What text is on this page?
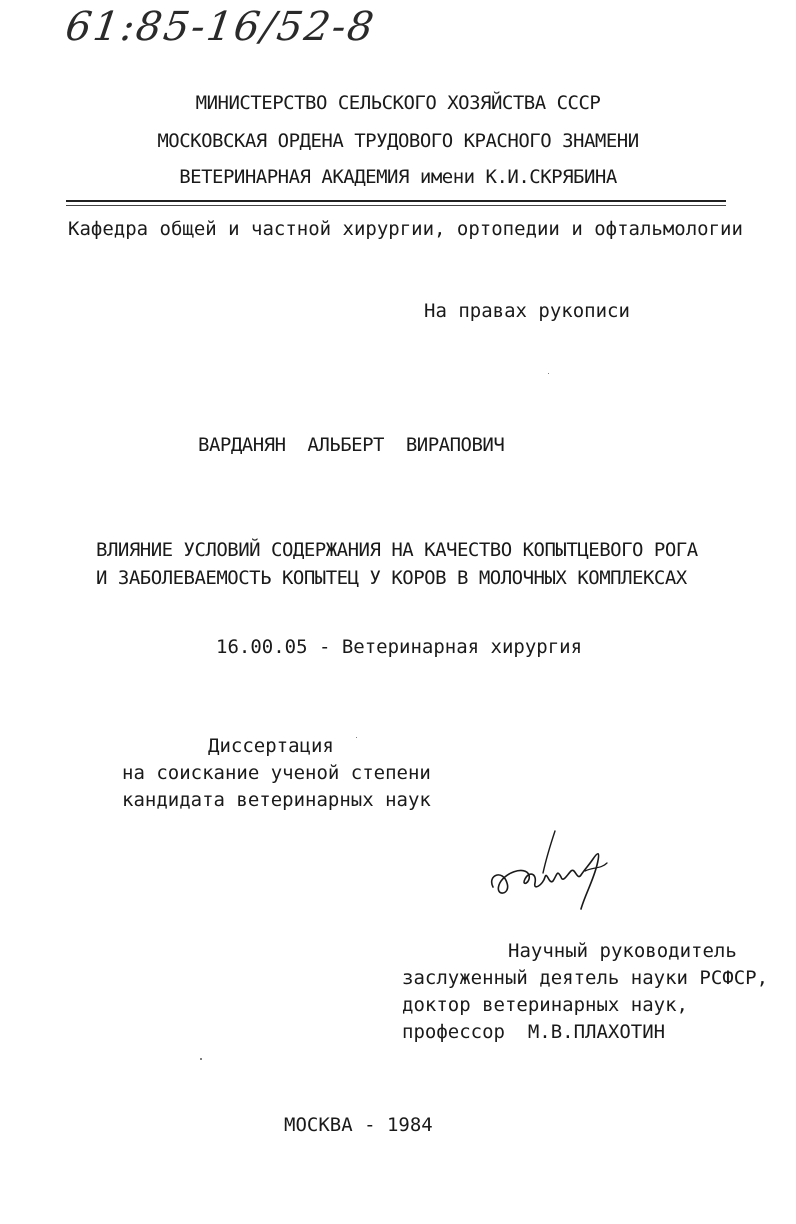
61:85-16/52-8
МИНИСТЕРСТВО СЕЛЬСКОГО ХОЗЯЙСТВА СССР
МОСКОВСКАЯ ОРДЕНА ТРУДОВОГО КРАСНОГО ЗНАМЕНИ
ВЕТЕРИНАРНАЯ АКАДЕМИЯ имени К.И.СКРЯБИНА
Кафедра общей и частной хирургии, ортопедии и офтальмологии
На правах рукописи
ВАРДАНЯН  АЛЬБЕРТ  ВИРАПОВИЧ
ВЛИЯНИЕ УСЛОВИЙ СОДЕРЖАНИЯ НА КАЧЕСТВО КОПЫТЦЕВОГО РОГА
И ЗАБОЛЕВАЕМОСТЬ КОПЫТЕЦ У КОРОВ В МОЛОЧНЫХ КОМПЛЕКСАХ
16.00.05 - Ветеринарная хирургия
Диссертация
на соискание ученой степени
кандидата ветеринарных наук
Научный руководитель
заслуженный деятель науки РСФСР,
доктор ветеринарных наук,
профессор  М.В.ПЛАХОТИН
МОСКВА - 1984
